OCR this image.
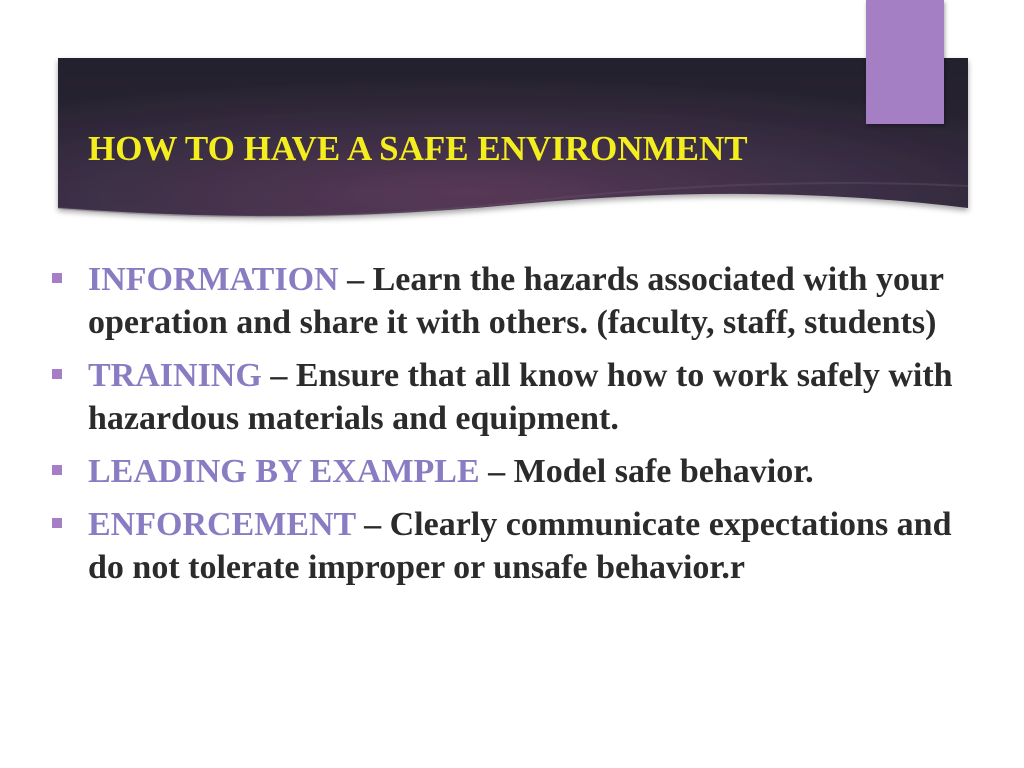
HOW TO HAVE A SAFE ENVIRONMENT
INFORMATION – Learn the hazards associated with your operation and share it with others. (faculty, staff, students)
TRAINING – Ensure that all know how to work safely with hazardous materials and equipment.
LEADING BY EXAMPLE – Model safe behavior.
ENFORCEMENT – Clearly communicate expectations and do not tolerate improper or unsafe behavior.r
